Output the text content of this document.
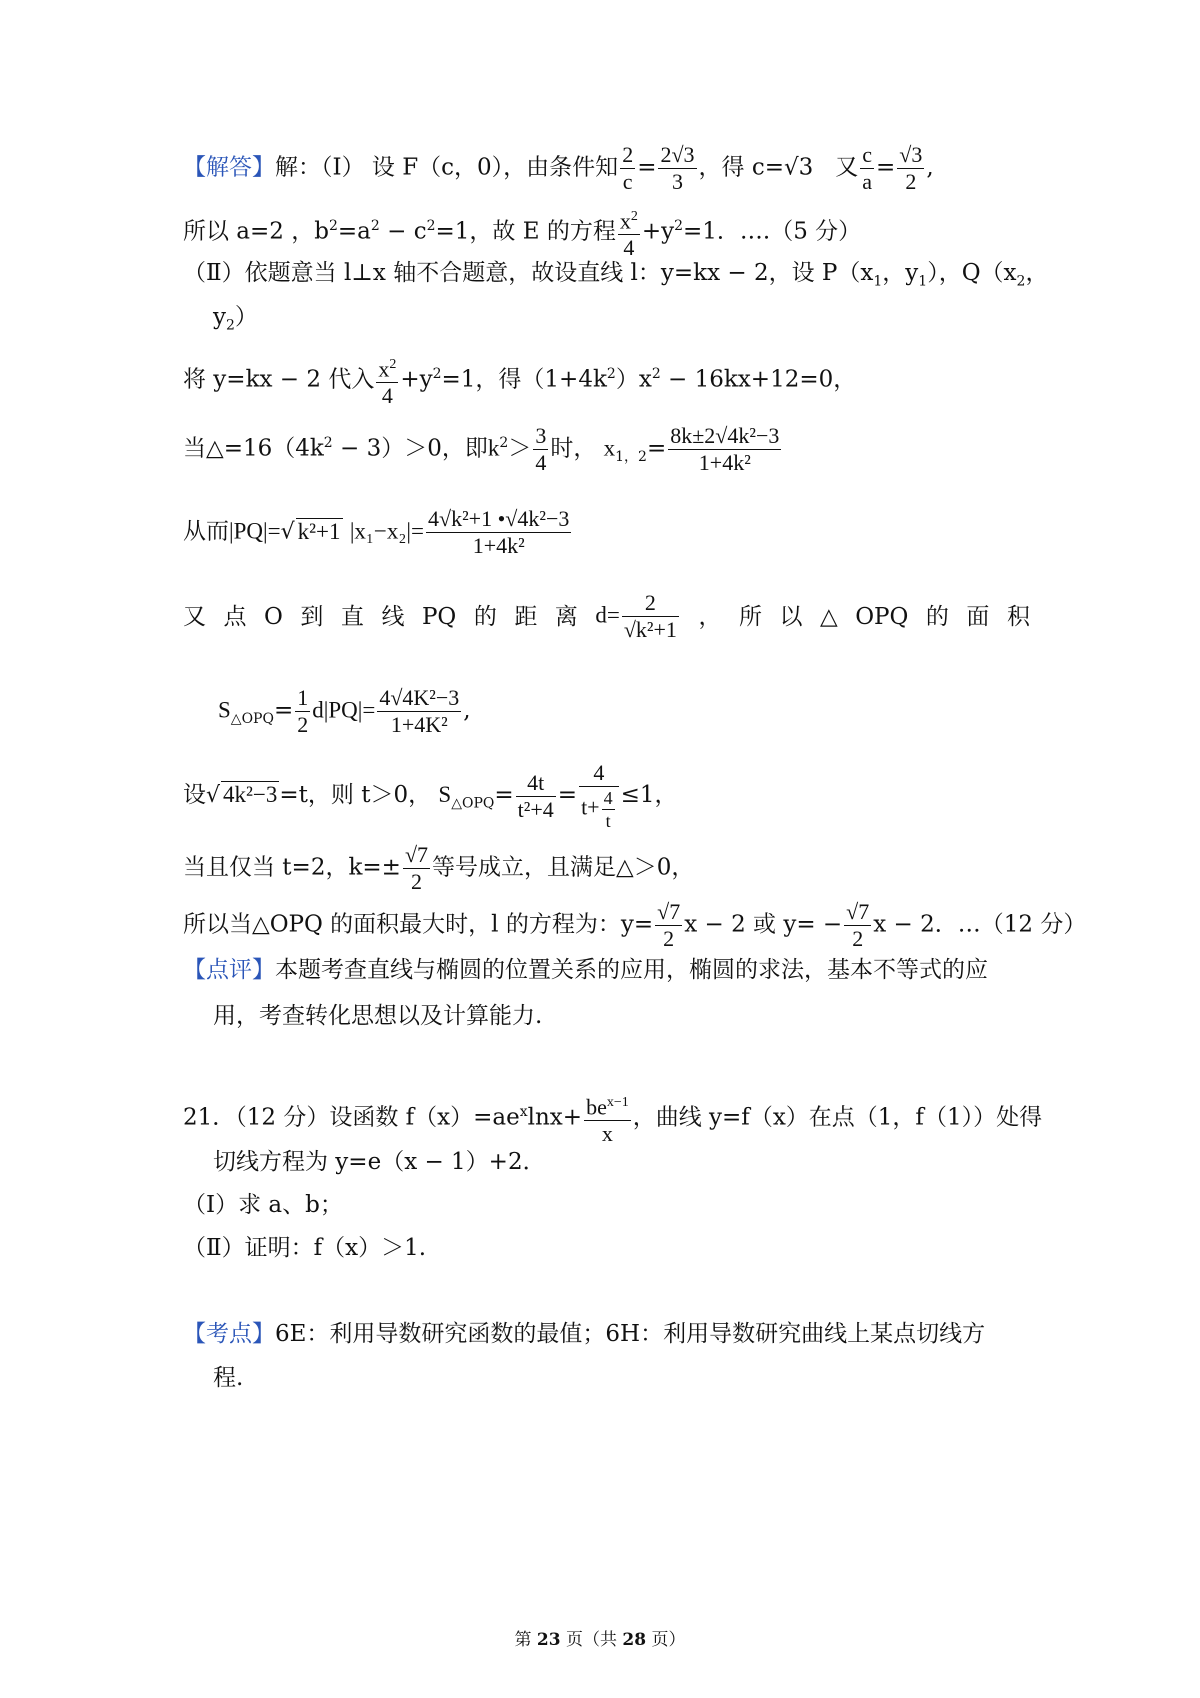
【解答】解：（Ⅰ） 设 F（c，0），由条件知 $\frac{2}{c} = \frac{2√3}{3}$ ，得 c=√3 又 $\frac{c}{a} = \frac{√3}{2}$ ,
所以 a=2 ，$b^2=a^2 - c^2=1$，故 E 的方程 $\frac{x^2}{4} +y^2=1$．….（5 分）
（Ⅱ）依题意当 l⊥x 轴不合题意，故设直线 l：y=kx − 2，设 $P(x_1$，$y_1$），$Q(x_2$，
$y_2$）
将 y=kx − 2 代入 $\frac{x^2}{4} +y^2=1$，得$(1+4k^2)x^2 - 16kx+12=0$，
当$\triangle=16(4k^2 - 3)>0$，即$k^2> \frac{3}{4}$ 时， $x_{1,2}= \frac{\text{8k±2√4k²−3}}{\text{1+4k²}}$
从而|PQ|=√ k²+1 $|x_1-x_2|= \frac{\text{4√k²+1 •√4k²−3}}{\text{1+4k²}}$
又 点 O 到 直 线 PQ 的 距 离 $d= \frac{2}{\text{√k²+1}}$ ， 所 以 △ OPQ 的 面 积
$S_{\triangle OPQ}= \frac{1}{2} d|PQ|= \frac{\text{4√4K²−3}}{\text{1+4K²}}$ ,
设√ 4k²−3=t，则 t＞0， $S_{\triangle OPQ}= \frac{4t}{\text{t²+4}} = \frac{4}{t+ \frac{4}{t}} \le 1$，
当且仅当 t=2，$k=\pm \frac{√7}{2}$ 等号成立，且满足△＞0，
所以当△OPQ 的面积最大时，l 的方程为：$y= \frac{√7}{2}$ x − 2 或 $y= - \frac{√7}{2}$ x − 2．…（12 分）
【点评】本题考查直线与椭圆的位置关系的应用，椭圆的求法，基本不等式的应
用，考查转化思想以及计算能力.
21．（12 分）设函数 $f(x)=ae^x\ln x+ \frac{be^{x-1}}{x}$ ，曲线 y=f（x）在点（1，f（1））处得
切线方程为 y=e（x − 1）+2．
（Ⅰ）求 a、b；
（Ⅱ）证明：f（x）＞1.
【考点】6E：利用导数研究函数的最值；6H：利用导数研究曲线上某点切线方
程.
第 23 页（共 28 页）
